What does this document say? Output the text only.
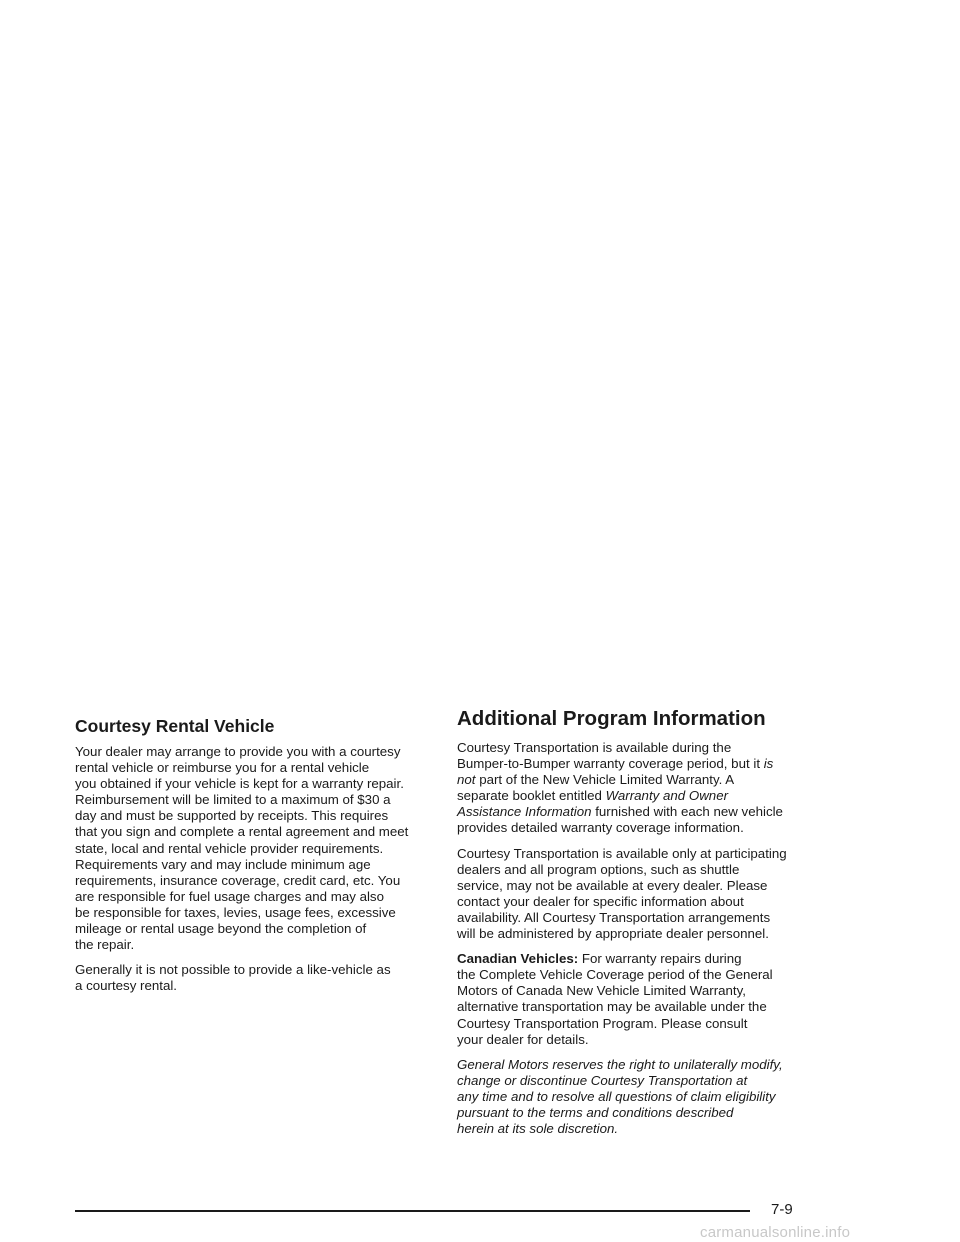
Courtesy Rental Vehicle

Your dealer may arrange to provide you with a courtesy
rental vehicle or reimburse you for a rental vehicle
you obtained if your vehicle is kept for a warranty repair.
Reimbursement will be limited to a maximum of $30 a
day and must be supported by receipts. This requires
that you sign and complete a rental agreement and meet
state, local and rental vehicle provider requirements.
Requirements vary and may include minimum age
requirements, insurance coverage, credit card, etc. You
are responsible for fuel usage charges and may also
be responsible for taxes, levies, usage fees, excessive
mileage or rental usage beyond the completion of
the repair.

Generally it is not possible to provide a like-vehicle as
a courtesy rental.

Additional Program Information

Courtesy Transportation is available during the
Bumper-to-Bumper warranty coverage period, but it is
not part of the New Vehicle Limited Warranty. A
separate booklet entitled Warranty and Owner
Assistance Information furnished with each new vehicle
provides detailed warranty coverage information.

Courtesy Transportation is available only at participating
dealers and all program options, such as shuttle
service, may not be available at every dealer. Please
contact your dealer for specific information about
availability. All Courtesy Transportation arrangements
will be administered by appropriate dealer personnel.

Canadian Vehicles: For warranty repairs during
the Complete Vehicle Coverage period of the General
Motors of Canada New Vehicle Limited Warranty,
alternative transportation may be available under the
Courtesy Transportation Program. Please consult
your dealer for details.

General Motors reserves the right to unilaterally modify,
change or discontinue Courtesy Transportation at
any time and to resolve all questions of claim eligibility
pursuant to the terms and conditions described
herein at its sole discretion.

7-9
carmanualsonline.info
